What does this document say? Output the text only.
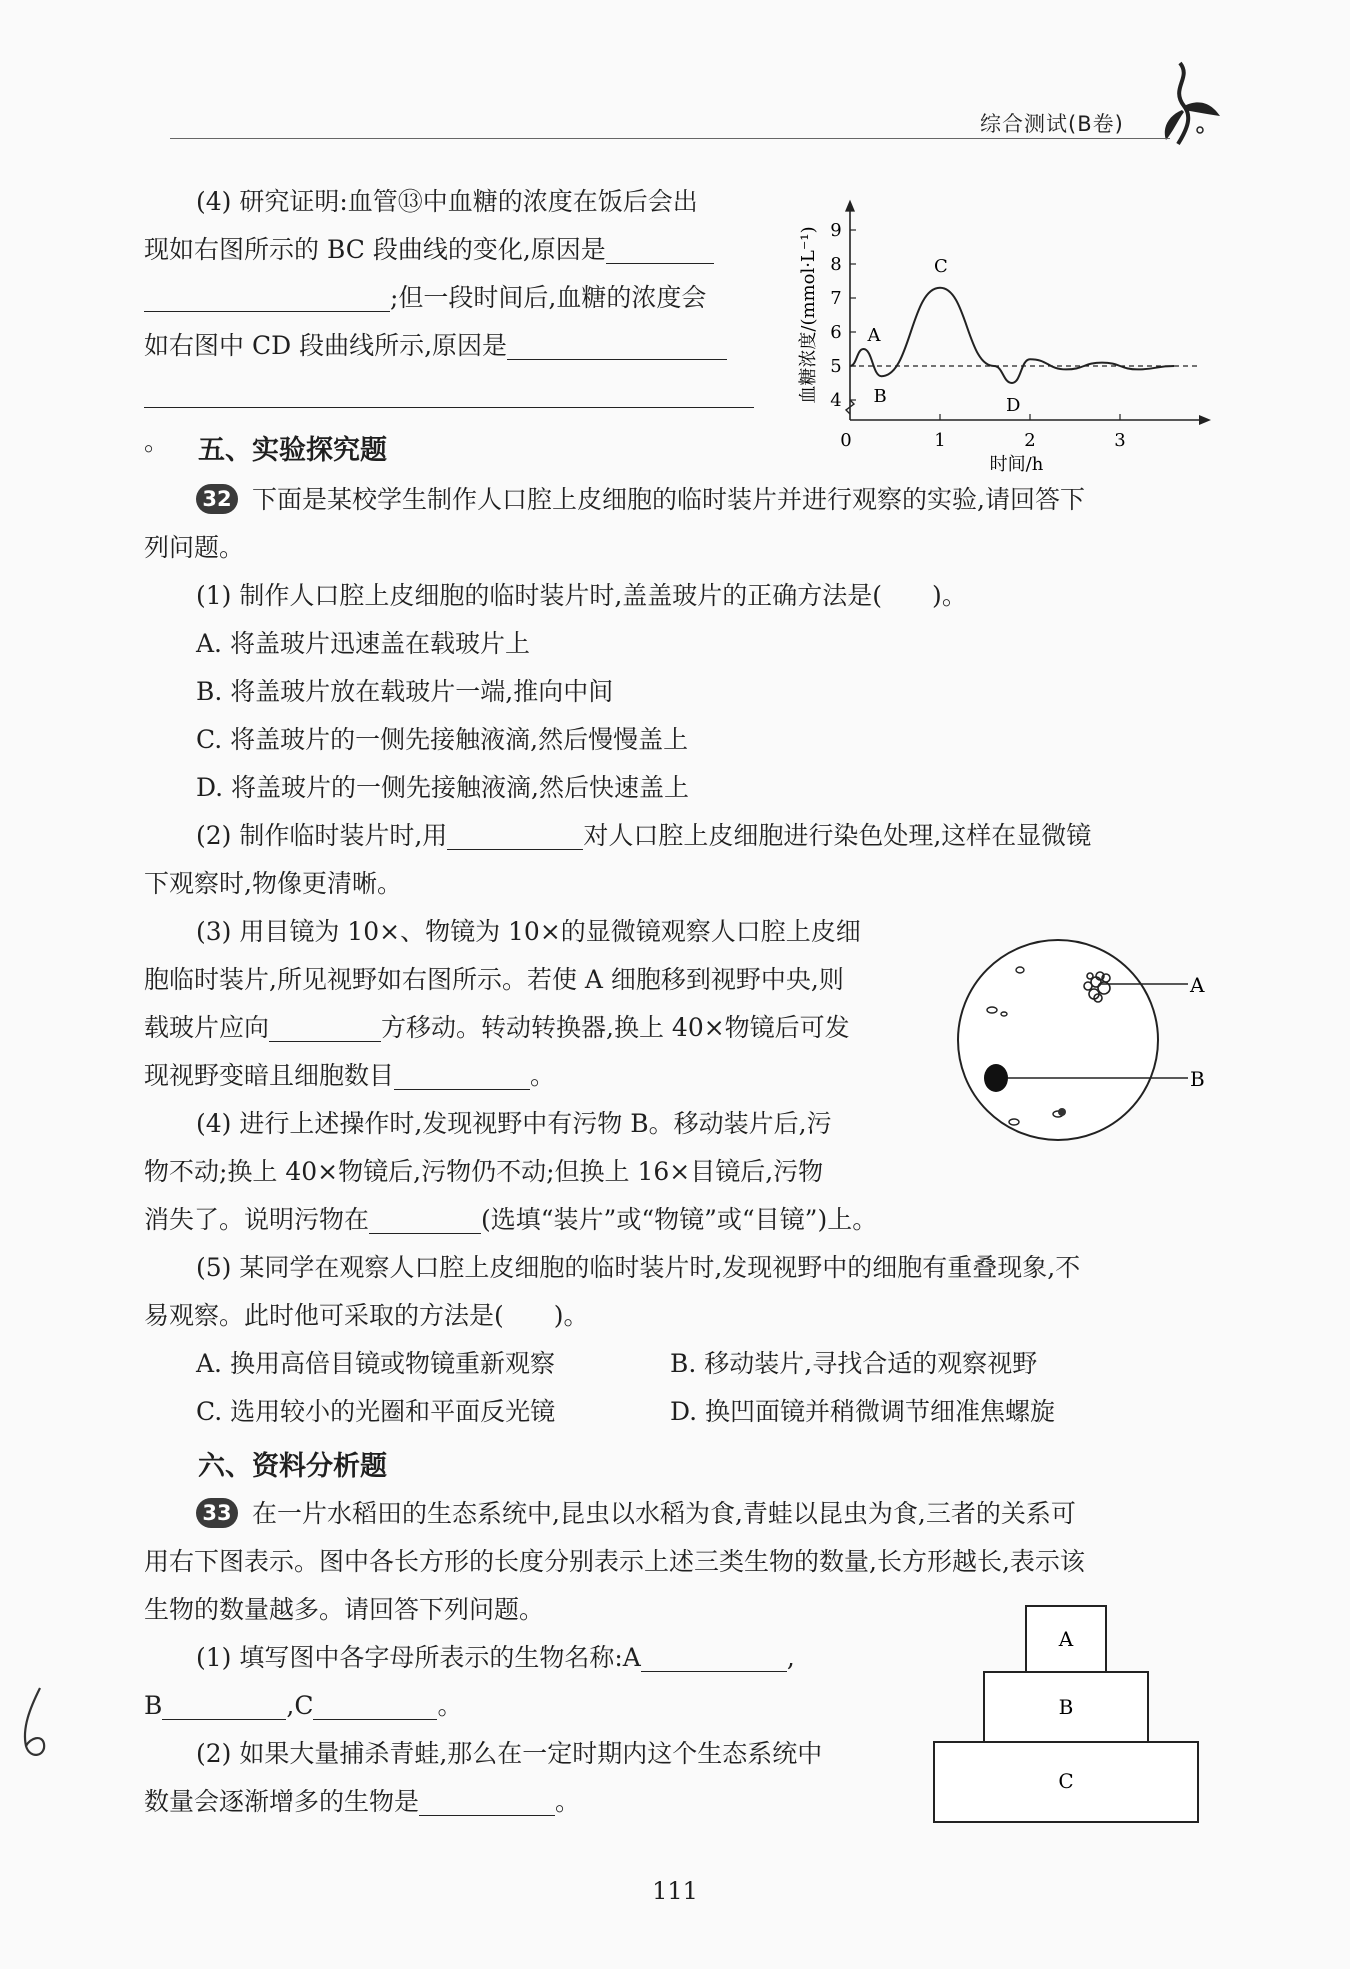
综合测试(B卷)
(4) 研究证明:血管⑬中血糖的浓度在饭后会出
现如右图所示的 BC 段曲线的变化,原因是
;但一段时间后,血糖的浓度会
如右图中 CD 段曲线所示,原因是
。
4
5
6
7
8
9
0	1	2	3
A
B
C
D
时间/h
血糖浓度/(mmol·L⁻¹)
五、实验探究题
32 下面是某校学生制作人口腔上皮细胞的临时装片并进行观察的实验,请回答下
列问题。
(1) 制作人口腔上皮细胞的临时装片时,盖盖玻片的正确方法是(　　)。
A. 将盖玻片迅速盖在载玻片上
B. 将盖玻片放在载玻片一端,推向中间
C. 将盖玻片的一侧先接触液滴,然后慢慢盖上
D. 将盖玻片的一侧先接触液滴,然后快速盖上
(2) 制作临时装片时,用	对人口腔上皮细胞进行染色处理,这样在显微镜
下观察时,物像更清晰。
(3) 用目镜为 10×、物镜为 10×的显微镜观察人口腔上皮细
胞临时装片,所见视野如右图所示。若使 A 细胞移到视野中央,则
载玻片应向	方移动。转动转换器,换上 40×物镜后可发
现视野变暗且细胞数目	。
(4) 进行上述操作时,发现视野中有污物 B。移动装片后,污
物不动;换上 40×物镜后,污物仍不动;但换上 16×目镜后,污物
消失了。说明污物在	(选填“装片”或“物镜”或“目镜”)上。
(5) 某同学在观察人口腔上皮细胞的临时装片时,发现视野中的细胞有重叠现象,不
易观察。此时他可采取的方法是(　　)。
A. 换用高倍目镜或物镜重新观察	B. 移动装片,寻找合适的观察视野
C. 选用较小的光圈和平面反光镜	D. 换凹面镜并稍微调节细准焦螺旋
A
B
六、资料分析题
33 在一片水稻田的生态系统中,昆虫以水稻为食,青蛙以昆虫为食,三者的关系可
用右下图表示。图中各长方形的长度分别表示上述三类生物的数量,长方形越长,表示该
生物的数量越多。请回答下列问题。
(1) 填写图中各字母所表示的生物名称:A	,
B	,C	。
(2) 如果大量捕杀青蛙,那么在一定时期内这个生态系统中
数量会逐渐增多的生物是	。
A
B
C
111
